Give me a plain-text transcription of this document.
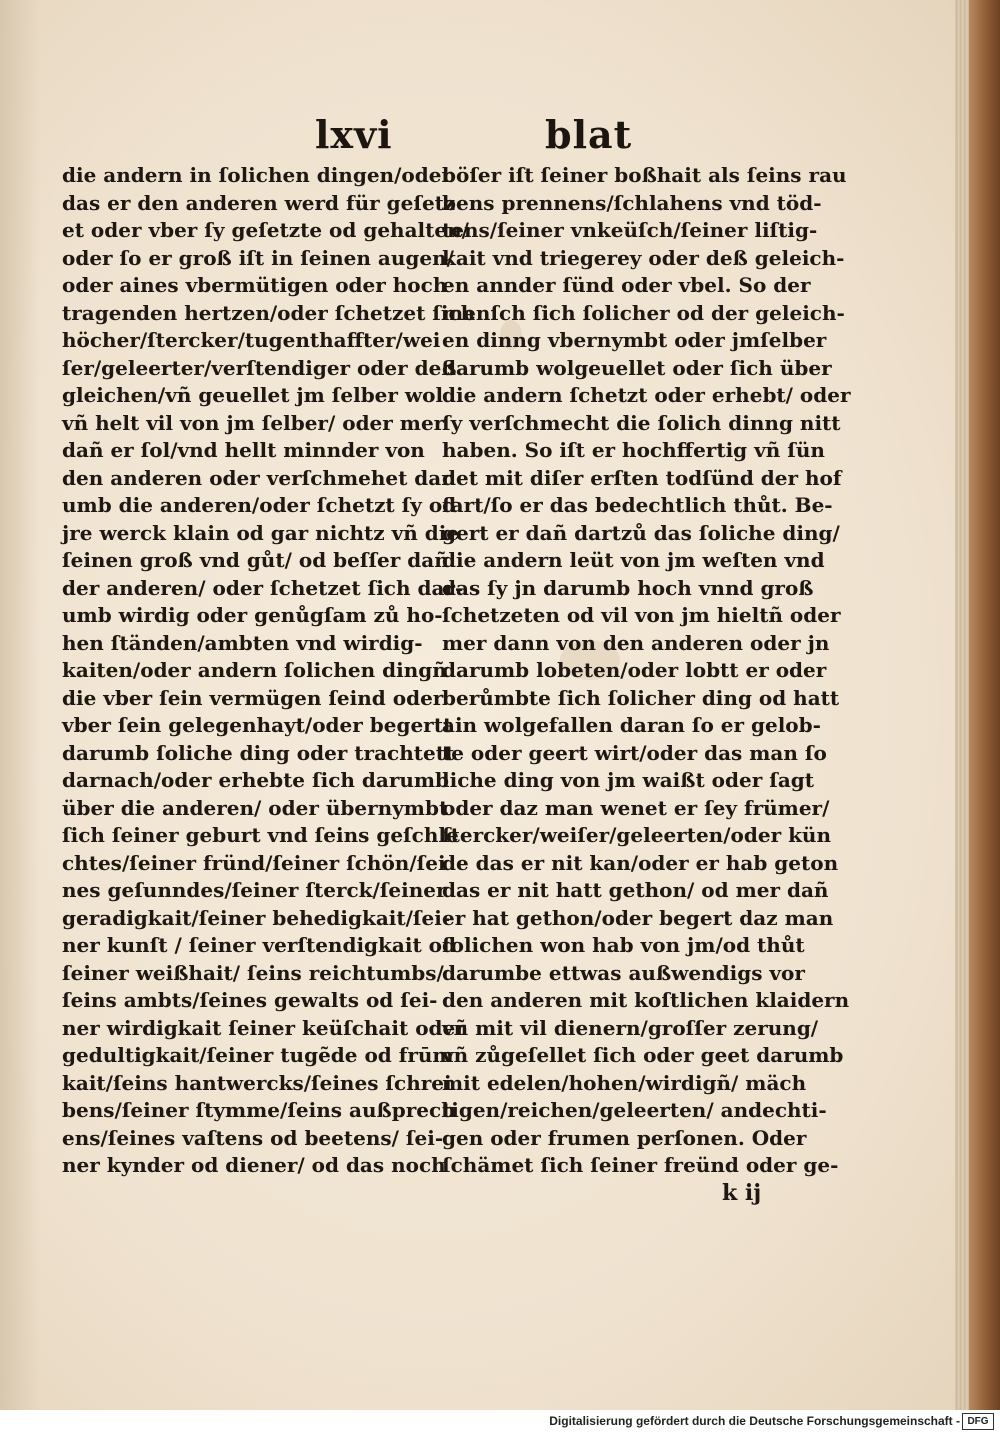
lxvi	blat
die andern in ſolichen dingen/oder
das er den anderen werd für geſetz
et oder vber ſy geſetzte od gehalten/
oder ſo er groß iſt in ſeinen augen/
oder aines vbermütigen oder hoch
tragenden hertzen/oder ſchetzet ſich
höcher/ſtercker/tugenthaffter/wei
ſer/geleerter/verſtendiger oder deß
gleichen/vñ geuellet jm ſelber wol
vñ helt vil von jm ſelber/ oder mer
dañ er ſol/vnd hellt minnder von
den anderen oder verſchmehet dar
umb die anderen/oder ſchetzt ſy od
jre werck klain od gar nichtz vñ die
ſeinen groß vnd gůt/ od beſſer dañ
der anderen/ oder ſchetzet ſich dar-
umb wirdig oder genůgſam zů ho-
hen ſtänden/ambten vnd wirdig-
kaiten/oder andern ſolichen dingñ
die vber ſein vermügen ſeind oder
vber ſein gelegenhayt/oder begertt
darumb ſoliche ding oder trachtett
darnach/oder erhebte ſich darumb
über die anderen/ oder übernymbt
ſich ſeiner geburt vnd ſeins geſchle
chtes/ſeiner fründ/ſeiner ſchön/ſei
nes geſunndes/ſeiner ſterck/ſeiner
geradigkait/ſeiner behedigkait/ſei-
ner kunſt / ſeiner verſtendigkait od
ſeiner weißhait/ ſeins reichtumbs/
ſeins ambts/ſeines gewalts od ſei-
ner wirdigkait ſeiner keüſchait oder
gedultigkait/ſeiner tugẽde od frūm
kait/ſeins hantwercks/ſeines ſchrei
bens/ſeiner ſtymme/ſeins außprech
ens/ſeines vaſtens od beetens/ ſei-
ner kynder od diener/ od das noch
böſer iſt ſeiner boßhait als ſeins rau
bens prennens/ſchlahens vnd töd-
tens/ſeiner vnkeüſch/ſeiner liſtig-
kait vnd triegerey oder deß geleich-
en annder ſünd oder vbel. So der
menſch ſich ſolicher od der geleich-
en dinng vbernymbt oder jmſelber
darumb wolgeuellet oder ſich über
die andern ſchetzt oder erhebt/ oder
ſy verſchmecht die ſolich dinng nitt
haben. So iſt er hochffertig vñ ſün
det mit diſer erſten todſünd der hof
fart/ſo er das bedechtlich thůt. Be-
gert er dañ dartzů das ſoliche ding/
die andern leüt von jm weſten vnd
das ſy jn darumb hoch vnnd groß
ſchetzeten od vil von jm hieltñ oder
mer dann von den anderen oder jn
darumb lobeten/oder lobtt er oder
berůmbte ſich ſolicher ding od hatt
ain wolgefallen daran ſo er gelob-
te oder geert wirt/oder das man ſo
liche ding von jm waißt oder ſagt
oder daz man wenet er ſey frümer/
ſtercker/weiſer/geleerten/oder kün
de das er nit kan/oder er hab geton
das er nit hatt gethon/ od mer dañ
er hat gethon/oder begert daz man
ſolichen won hab von jm/od thůt
darumbe ettwas außwendigs vor
den anderen mit koſtlichen klaidern
vñ mit vil dienern/groſſer zerung/
vñ zůgeſellet ſich oder geet darumb
mit edelen/hohen/wirdigñ/ mäch
tigen/reichen/geleerten/ andechti-
gen oder frumen perſonen. Oder
ſchämet ſich ſeiner freünd oder ge-
k ij
Digitalisierung gefördert durch die Deutsche Forschungsgemeinschaft - DFG
